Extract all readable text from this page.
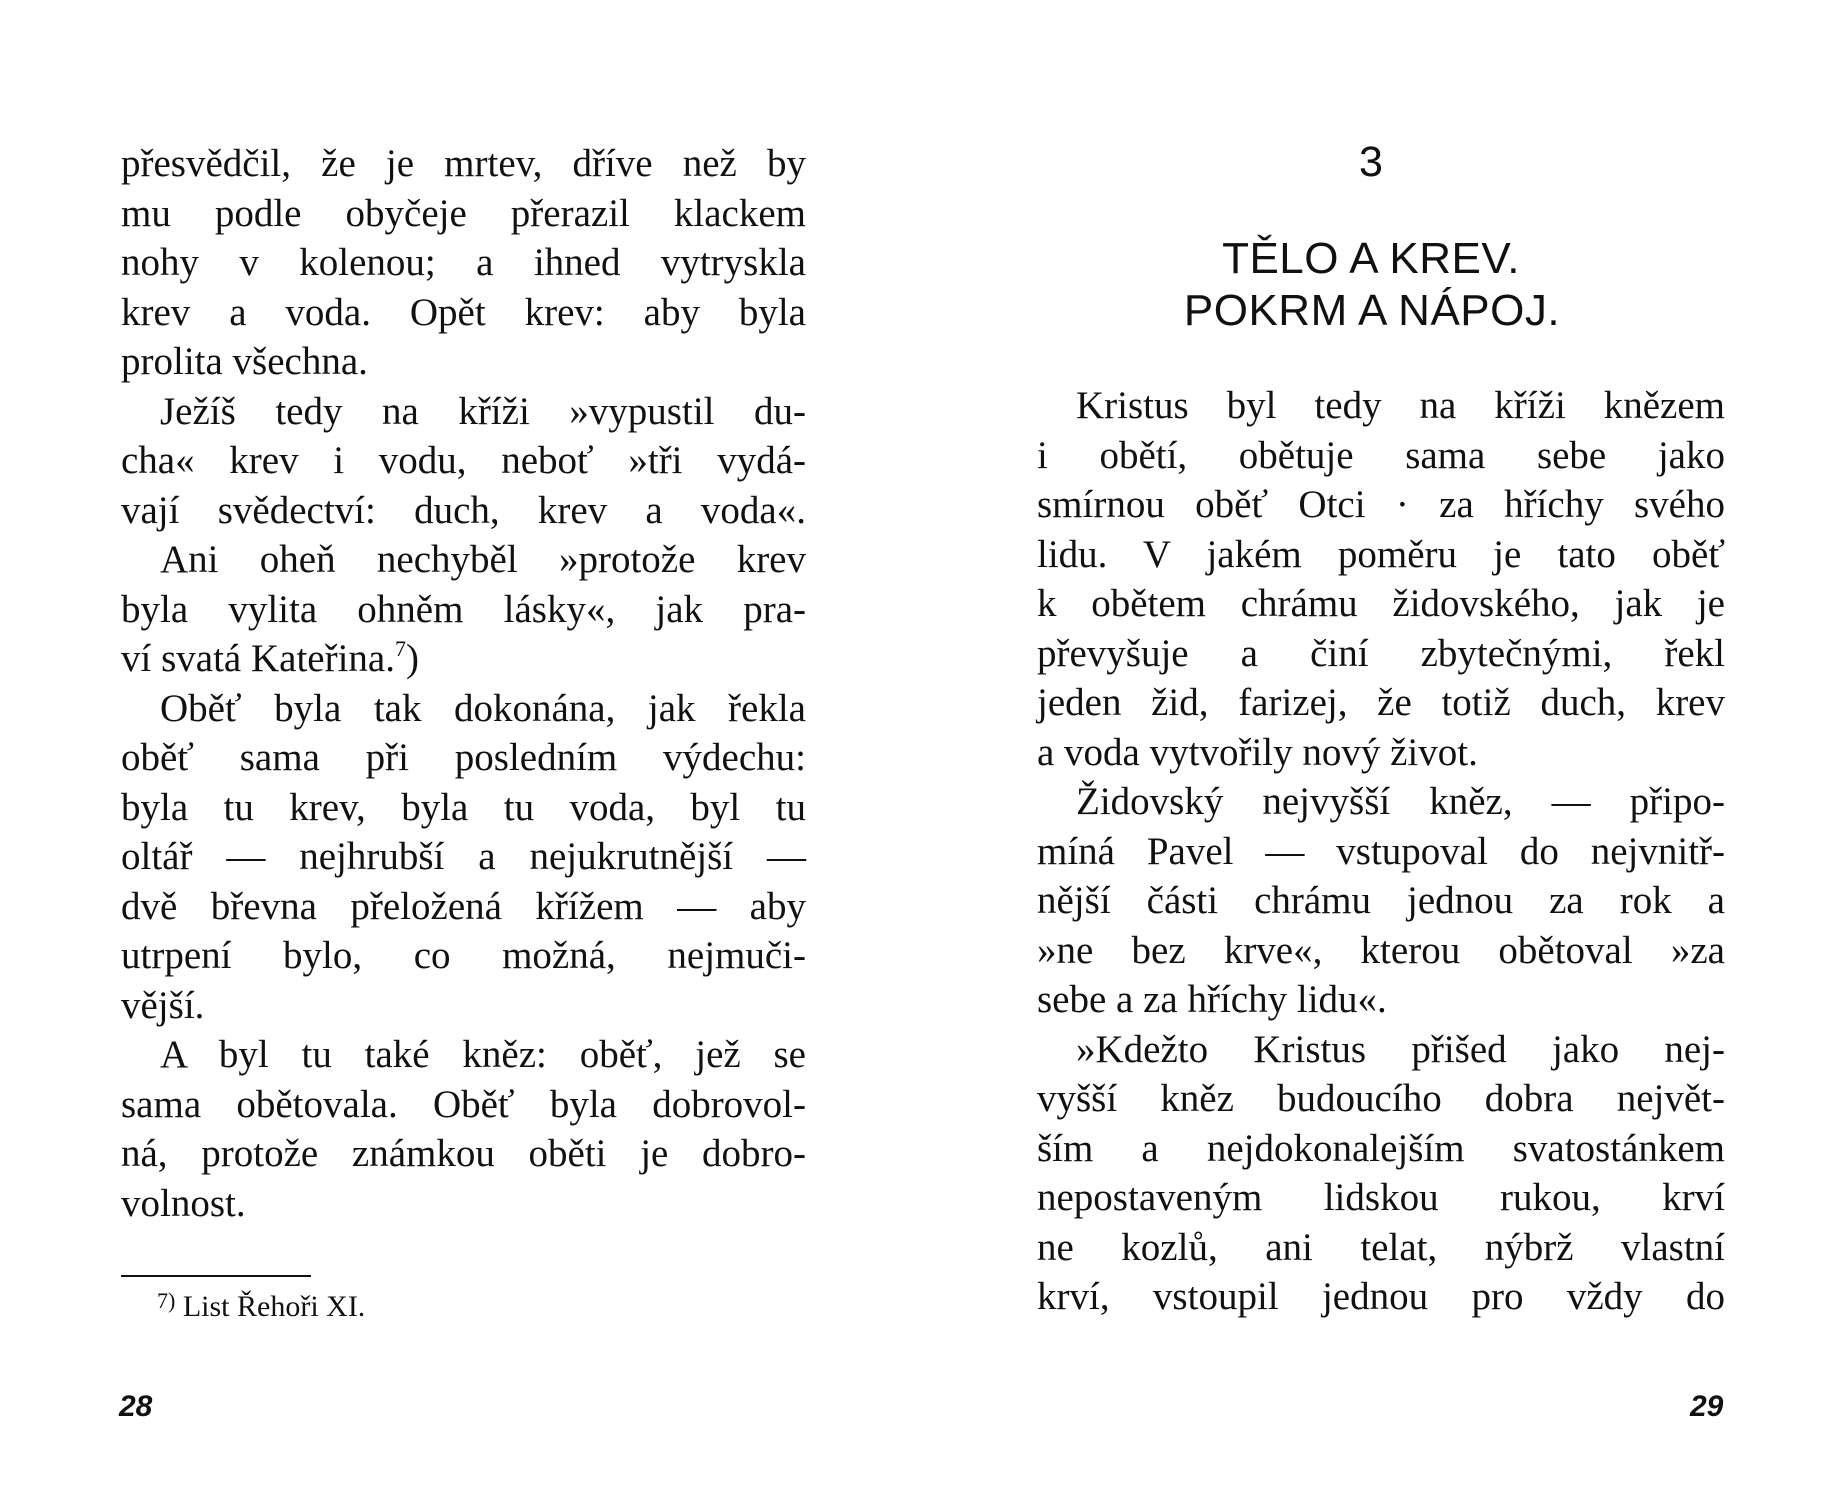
přesvědčil, že je mrtev, dříve než by
mu podle obyčeje přerazil klackem
nohy v kolenou; a ihned vytryskla
krev a voda. Opět krev: aby byla
prolita všechna.
Ježíš tedy na kříži »vypustil du-
cha« krev i vodu, neboť »tři vydá-
vají svědectví: duch, krev a voda«.
Ani oheň nechyběl »protože krev
byla vylita ohněm lásky«, jak pra-
ví svatá Kateřina.$^7$)
Oběť byla tak dokonána, jak řekla
oběť sama při posledním výdechu:
byla tu krev, byla tu voda, byl tu
oltář — nejhrubší a nejukrutnější —
dvě břevna přeložená křížem — aby
utrpení bylo, co možná, nejmuči-
vější.
A byl tu také kněz: oběť, jež se
sama obětovala. Oběť byla dobrovol-
ná, protože známkou oběti je dobro-
volnost.
$^{7)}$ List Řehoři XI.
28
3
TĚLO A KREV.
POKRM A NÁPOJ.
Kristus byl tedy na kříži knězem
i obětí, obětuje sama sebe jako
smírnou oběť Otci · za hříchy svého
lidu. V jakém poměru je tato oběť
k obětem chrámu židovského, jak je
převyšuje a činí zbytečnými, řekl
jeden žid, farizej, že totiž duch, krev
a voda vytvořily nový život.
Židovský nejvyšší kněz, — připo-
míná Pavel — vstupoval do nejvnitř-
nější části chrámu jednou za rok a
»ne bez krve«, kterou obětoval »za
sebe a za hříchy lidu«.
»Kdežto Kristus přišed jako nej-
vyšší kněz budoucího dobra největ-
ším a nejdokonalejším svatostánkem
nepostaveným lidskou rukou, krví
ne kozlů, ani telat, nýbrž vlastní
krví, vstoupil jednou pro vždy do
29
